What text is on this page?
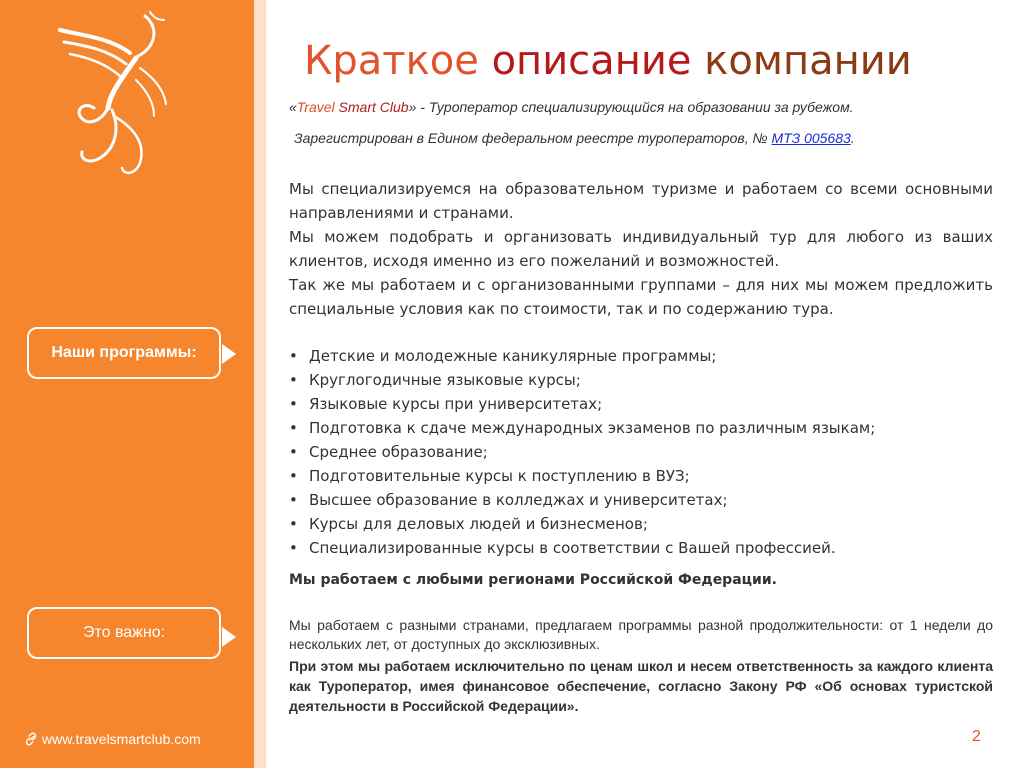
Наши программы:
Это важно:
www.travelsmartclub.com
Краткое описание компании
«Travel Smart Club» - Туроператор специализирующийся на образовании за рубежом.
Зарегистрирован в Едином федеральном реестре туроператоров, № МТЗ 005683.

Мы специализируемся на образовательном туризме и работаем со всеми основными направлениями и странами.

Мы можем подобрать и организовать индивидуальный тур для любого из ваших клиентов, исходя именно из его пожеланий и возможностей.

Так же мы работаем и с организованными группами – для них мы можем предложить специальные условия как по стоимости, так и по содержанию тура.

• Детские и молодежные каникулярные программы;
• Круглогодичные языковые курсы;
• Языковые курсы при университетах;
• Подготовка к сдаче международных экзаменов по различным языкам;
• Среднее образование;
• Подготовительные курсы к поступлению в ВУЗ;
• Высшее образование в колледжах и университетах;
• Курсы для деловых людей и бизнесменов;
• Специализированные курсы в соответствии с Вашей профессией.
Мы работаем с любыми регионами Российской Федерации.
Мы работаем с разными странами, предлагаем программы разной продолжительности: от 1 недели до нескольких лет, от доступных до эксклюзивных.
При этом мы работаем исключительно по ценам школ и несем ответственность за каждого клиента как Туроператор, имея финансовое обеспечение, согласно Закону РФ «Об основах туристской деятельности в Российской Федерации».
2
